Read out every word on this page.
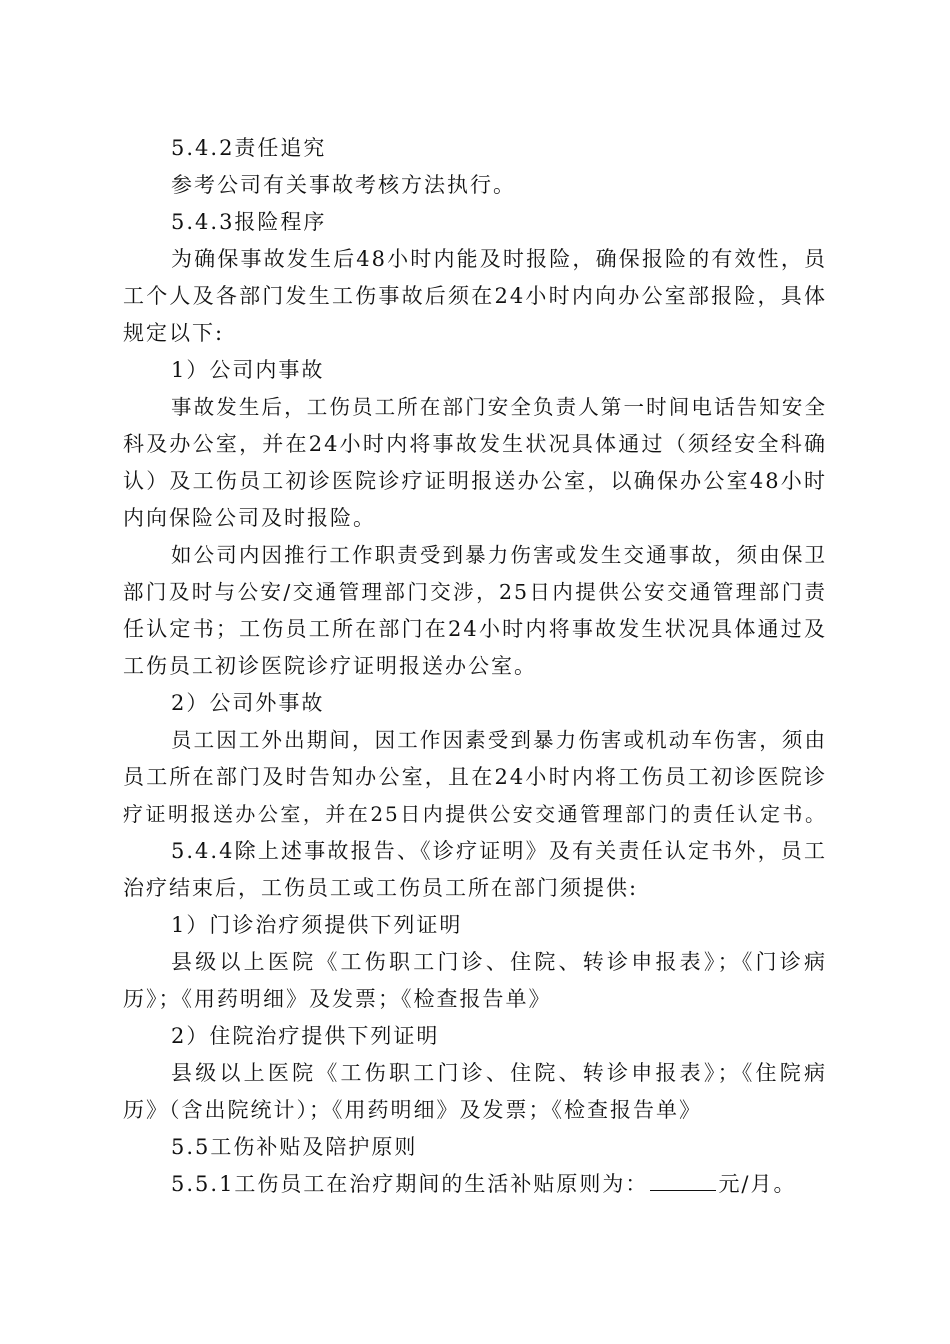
5.4.2责任追究
参考公司有关事故考核方法执行。
5.4.3报险程序
为确保事故发生后48小时内能及时报险，确保报险的有效性，员
工个人及各部门发生工伤事故后须在24小时内向办公室部报险，具体
规定以下:
1）公司内事故
事故发生后，工伤员工所在部门安全负责人第一时间电话告知安全
科及办公室，并在24小时内将事故发生状况具体通过（须经安全科确
认）及工伤员工初诊医院诊疗证明报送办公室，以确保办公室48小时
内向保险公司及时报险。
如公司内因推行工作职责受到暴力伤害或发生交通事故，须由保卫
部门及时与公安/交通管理部门交涉，25日内提供公安交通管理部门责
任认定书；工伤员工所在部门在24小时内将事故发生状况具体通过及
工伤员工初诊医院诊疗证明报送办公室。
2）公司外事故
员工因工外出期间，因工作因素受到暴力伤害或机动车伤害，须由
员工所在部门及时告知办公室，且在24小时内将工伤员工初诊医院诊
疗证明报送办公室，并在25日内提供公安交通管理部门的责任认定书。
5.4.4除上述事故报告、《诊疗证明》及有关责任认定书外，员工
治疗结束后，工伤员工或工伤员工所在部门须提供:
1）门诊治疗须提供下列证明
县级以上医院《工伤职工门诊、住院、转诊申报表》；《门诊病
历》；《用药明细》及发票；《检查报告单》
2）住院治疗提供下列证明
县级以上医院《工伤职工门诊、住院、转诊申报表》；《住院病
历》（含出院统计）；《用药明细》及发票；《检查报告单》
5.5工伤补贴及陪护原则
5.5.1工伤员工在治疗期间的生活补贴原则为：	元/月。
